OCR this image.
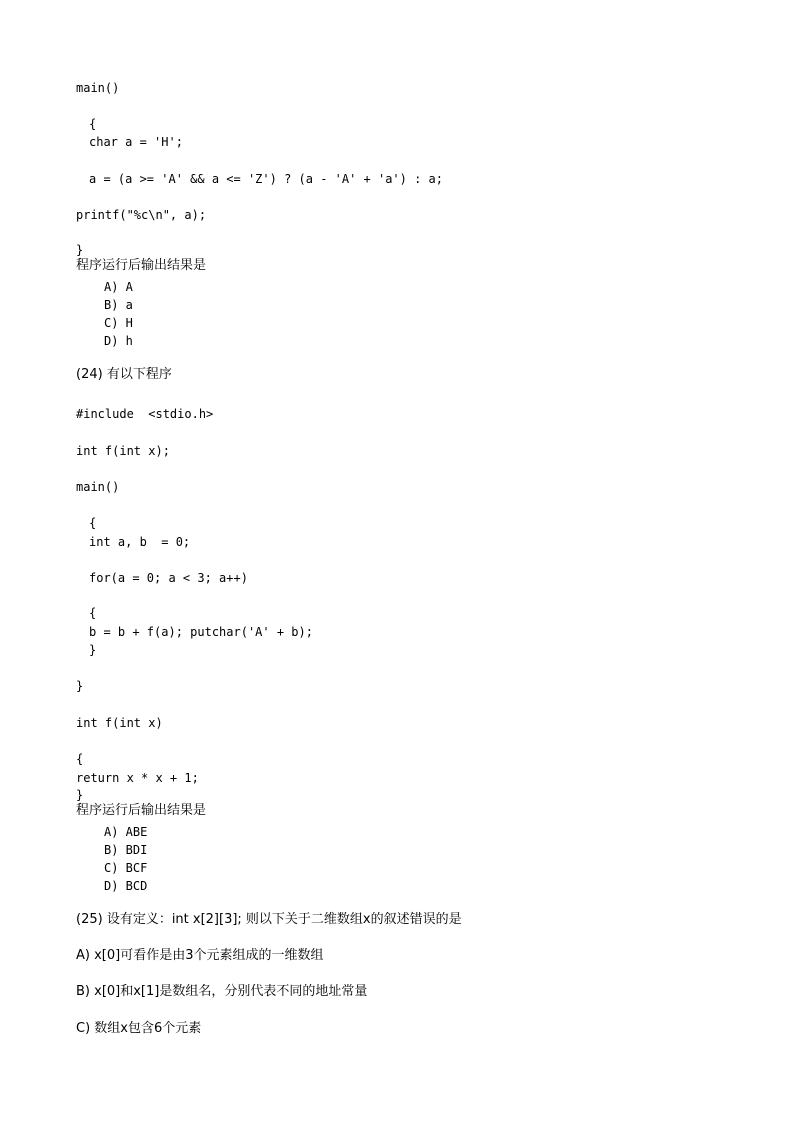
main()
{
char a = 'H';
a = (a >= 'A' && a <= 'Z') ? (a - 'A' + 'a') : a;
printf("%c\n", a);
}
程序运行后输出结果是
A) A
B) a
C) H
D) h
(24) 有以下程序
#include  <stdio.h>
int f(int x);
main()
{
int a, b  = 0;
for(a = 0; a < 3; a++)
{
b = b + f(a); putchar('A' + b);
}
}
int f(int x)
{
return x * x + 1;
}
程序运行后输出结果是
A) ABE
B) BDI
C) BCF
D) BCD
(25) 设有定义：int x[2][3]; 则以下关于二维数组x的叙述错误的是
A) x[0]可看作是由3个元素组成的一维数组
B) x[0]和x[1]是数组名，分别代表不同的地址常量
C) 数组x包含6个元素
